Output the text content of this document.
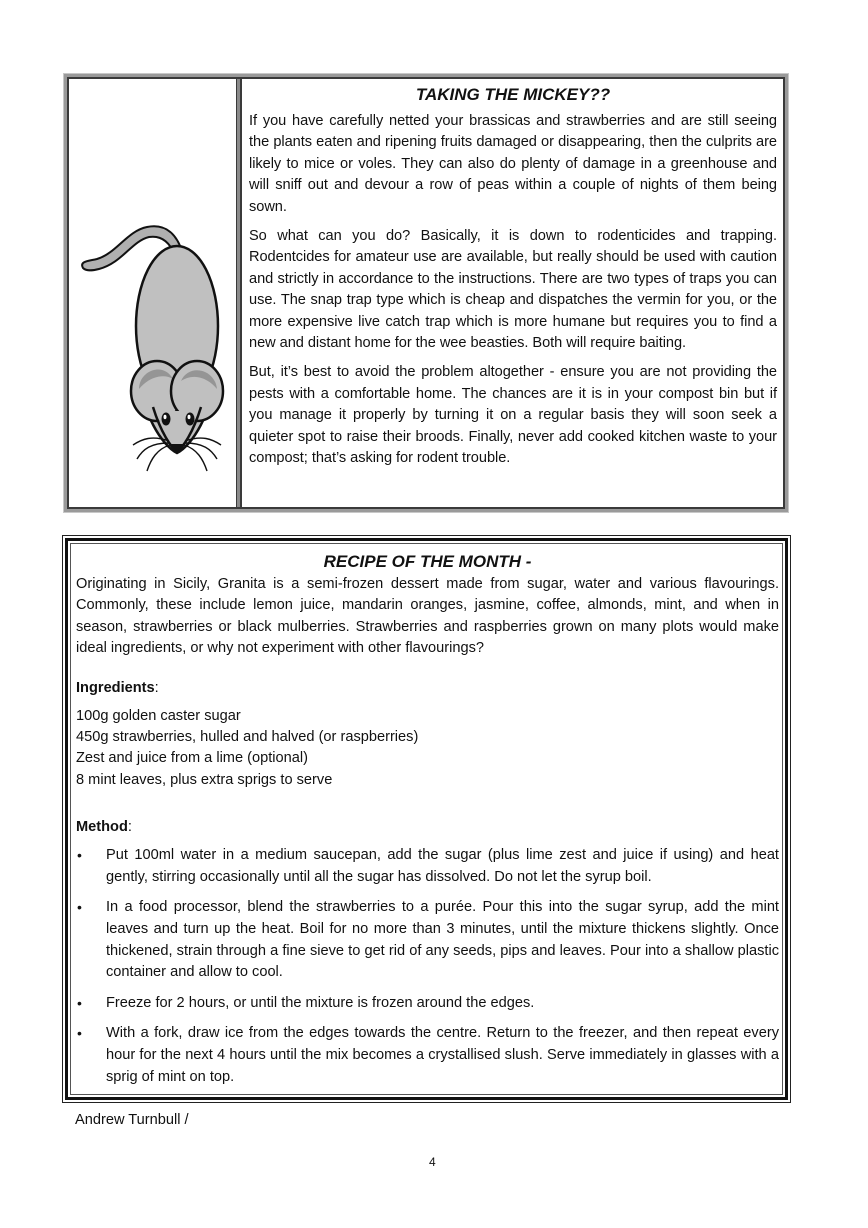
TAKING THE MICKEY??

If you have carefully netted your brassicas and strawberries and are still seeing the plants eaten and ripening fruits damaged or disappearing, then the culprits are likely to mice or voles. They can also do plenty of damage in a greenhouse and will sniff out and devour a row of peas within a couple of nights of them being sown.

So what can you do? Basically, it is down to rodenticides and trapping. Rodentcides for amateur use are available, but really should be used with caution and strictly in accordance to the instructions. There are two types of traps you can use. The snap trap type which is cheap and dispatches the vermin for you, or the more expensive live catch trap which is more humane but requires you to find a new and distant home for the wee beasties. Both will require baiting.

But, it’s best to avoid the problem altogether - ensure you are not providing the pests with a comfortable home. The chances are it is in your compost bin but if you manage it properly by turning it on a regular basis they will soon seek a quieter spot to raise their broods. Finally, never add cooked kitchen waste to your compost; that’s asking for rodent trouble.

RECIPE OF THE MONTH -

Originating in Sicily, Granita is a semi-frozen dessert made from sugar, water and various flavourings. Commonly, these include lemon juice, mandarin oranges, jasmine, coffee, almonds, mint, and when in season, strawberries or black mulberries. Strawberries and raspberries grown on many plots would make ideal ingredients, or why not experiment with other flavourings?

Ingredients:
100g golden caster sugar
450g strawberries, hulled and halved (or raspberries)
Zest and juice from a lime (optional)
8 mint leaves, plus extra sprigs to serve
Method:
• Put 100ml water in a medium saucepan, add the sugar (plus lime zest and juice if using) and heat gently, stirring occasionally until all the sugar has dissolved. Do not let the syrup boil.
• In a food processor, blend the strawberries to a purée. Pour this into the sugar syrup, add the mint leaves and turn up the heat. Boil for no more than 3 minutes, until the mixture thickens slightly. Once thickened, strain through a fine sieve to get rid of any seeds, pips and leaves. Pour into a shallow plastic container and allow to cool.
• Freeze for 2 hours, or until the mixture is frozen around the edges.
• With a fork, draw ice from the edges towards the centre. Return to the freezer, and then repeat every hour for the next 4 hours until the mix becomes a crystallised slush. Serve immediately in glasses with a sprig of mint on top.
Andrew Turnbull /
4
